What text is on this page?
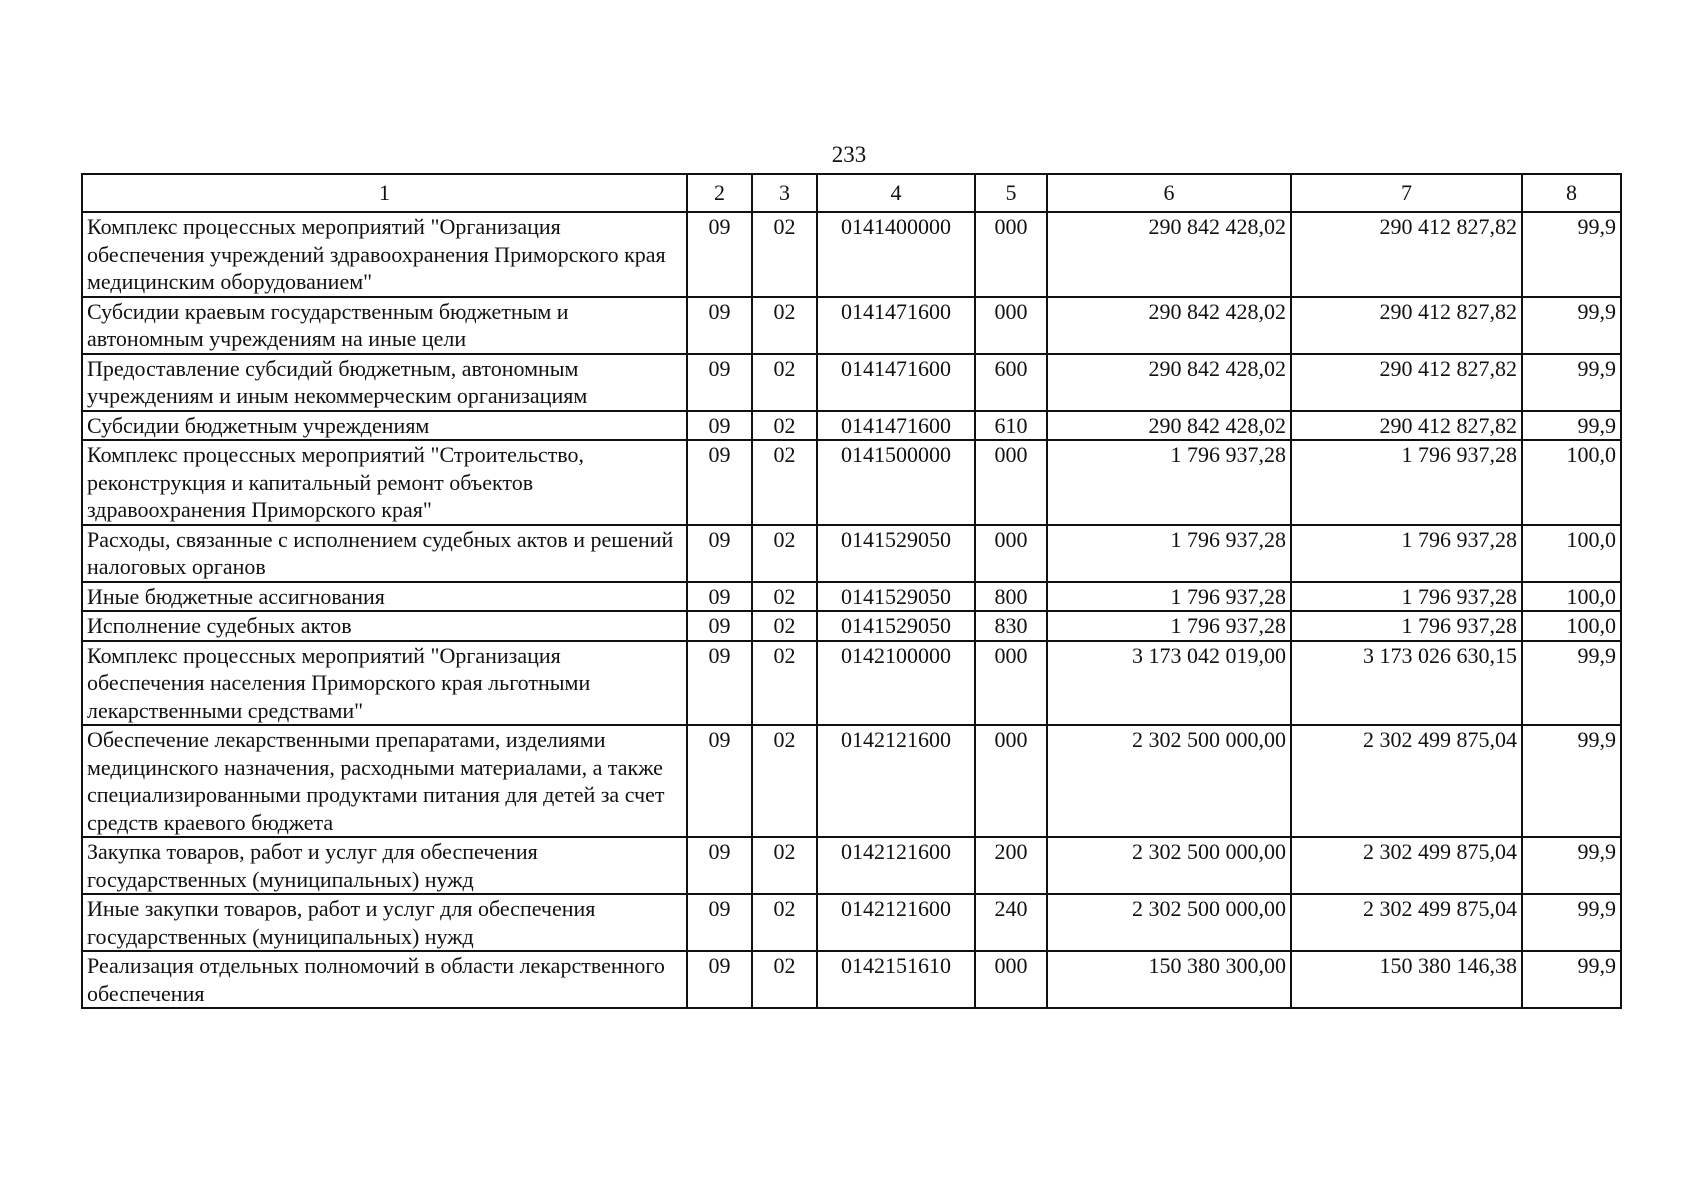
233
1	2	3	4	5	6	7	8
Комплекс процессных мероприятий "Организация обеспечения учреждений здравоохранения Приморского края медицинским оборудованием"	09	02	0141400000	000	290 842 428,02	290 412 827,82	99,9
Субсидии краевым государственным бюджетным и автономным учреждениям на иные цели	09	02	0141471600	000	290 842 428,02	290 412 827,82	99,9
Предоставление субсидий бюджетным, автономным учреждениям и иным некоммерческим организациям	09	02	0141471600	600	290 842 428,02	290 412 827,82	99,9
Субсидии бюджетным учреждениям	09	02	0141471600	610	290 842 428,02	290 412 827,82	99,9
Комплекс процессных мероприятий "Строительство, реконструкция и капитальный ремонт объектов здравоохранения Приморского края"	09	02	0141500000	000	1 796 937,28	1 796 937,28	100,0
Расходы, связанные с исполнением судебных актов и решений налоговых органов	09	02	0141529050	000	1 796 937,28	1 796 937,28	100,0
Иные бюджетные ассигнования	09	02	0141529050	800	1 796 937,28	1 796 937,28	100,0
Исполнение судебных актов	09	02	0141529050	830	1 796 937,28	1 796 937,28	100,0
Комплекс процессных мероприятий "Организация обеспечения населения Приморского края льготными лекарственными средствами"	09	02	0142100000	000	3 173 042 019,00	3 173 026 630,15	99,9
Обеспечение лекарственными препаратами, изделиями медицинского назначения, расходными материалами, а также специализированными продуктами питания для детей за счет средств краевого бюджета	09	02	0142121600	000	2 302 500 000,00	2 302 499 875,04	99,9
Закупка товаров, работ и услуг для обеспечения государственных (муниципальных) нужд	09	02	0142121600	200	2 302 500 000,00	2 302 499 875,04	99,9
Иные закупки товаров, работ и услуг для обеспечения государственных (муниципальных) нужд	09	02	0142121600	240	2 302 500 000,00	2 302 499 875,04	99,9
Реализация отдельных полномочий в области лекарственного обеспечения	09	02	0142151610	000	150 380 300,00	150 380 146,38	99,9
